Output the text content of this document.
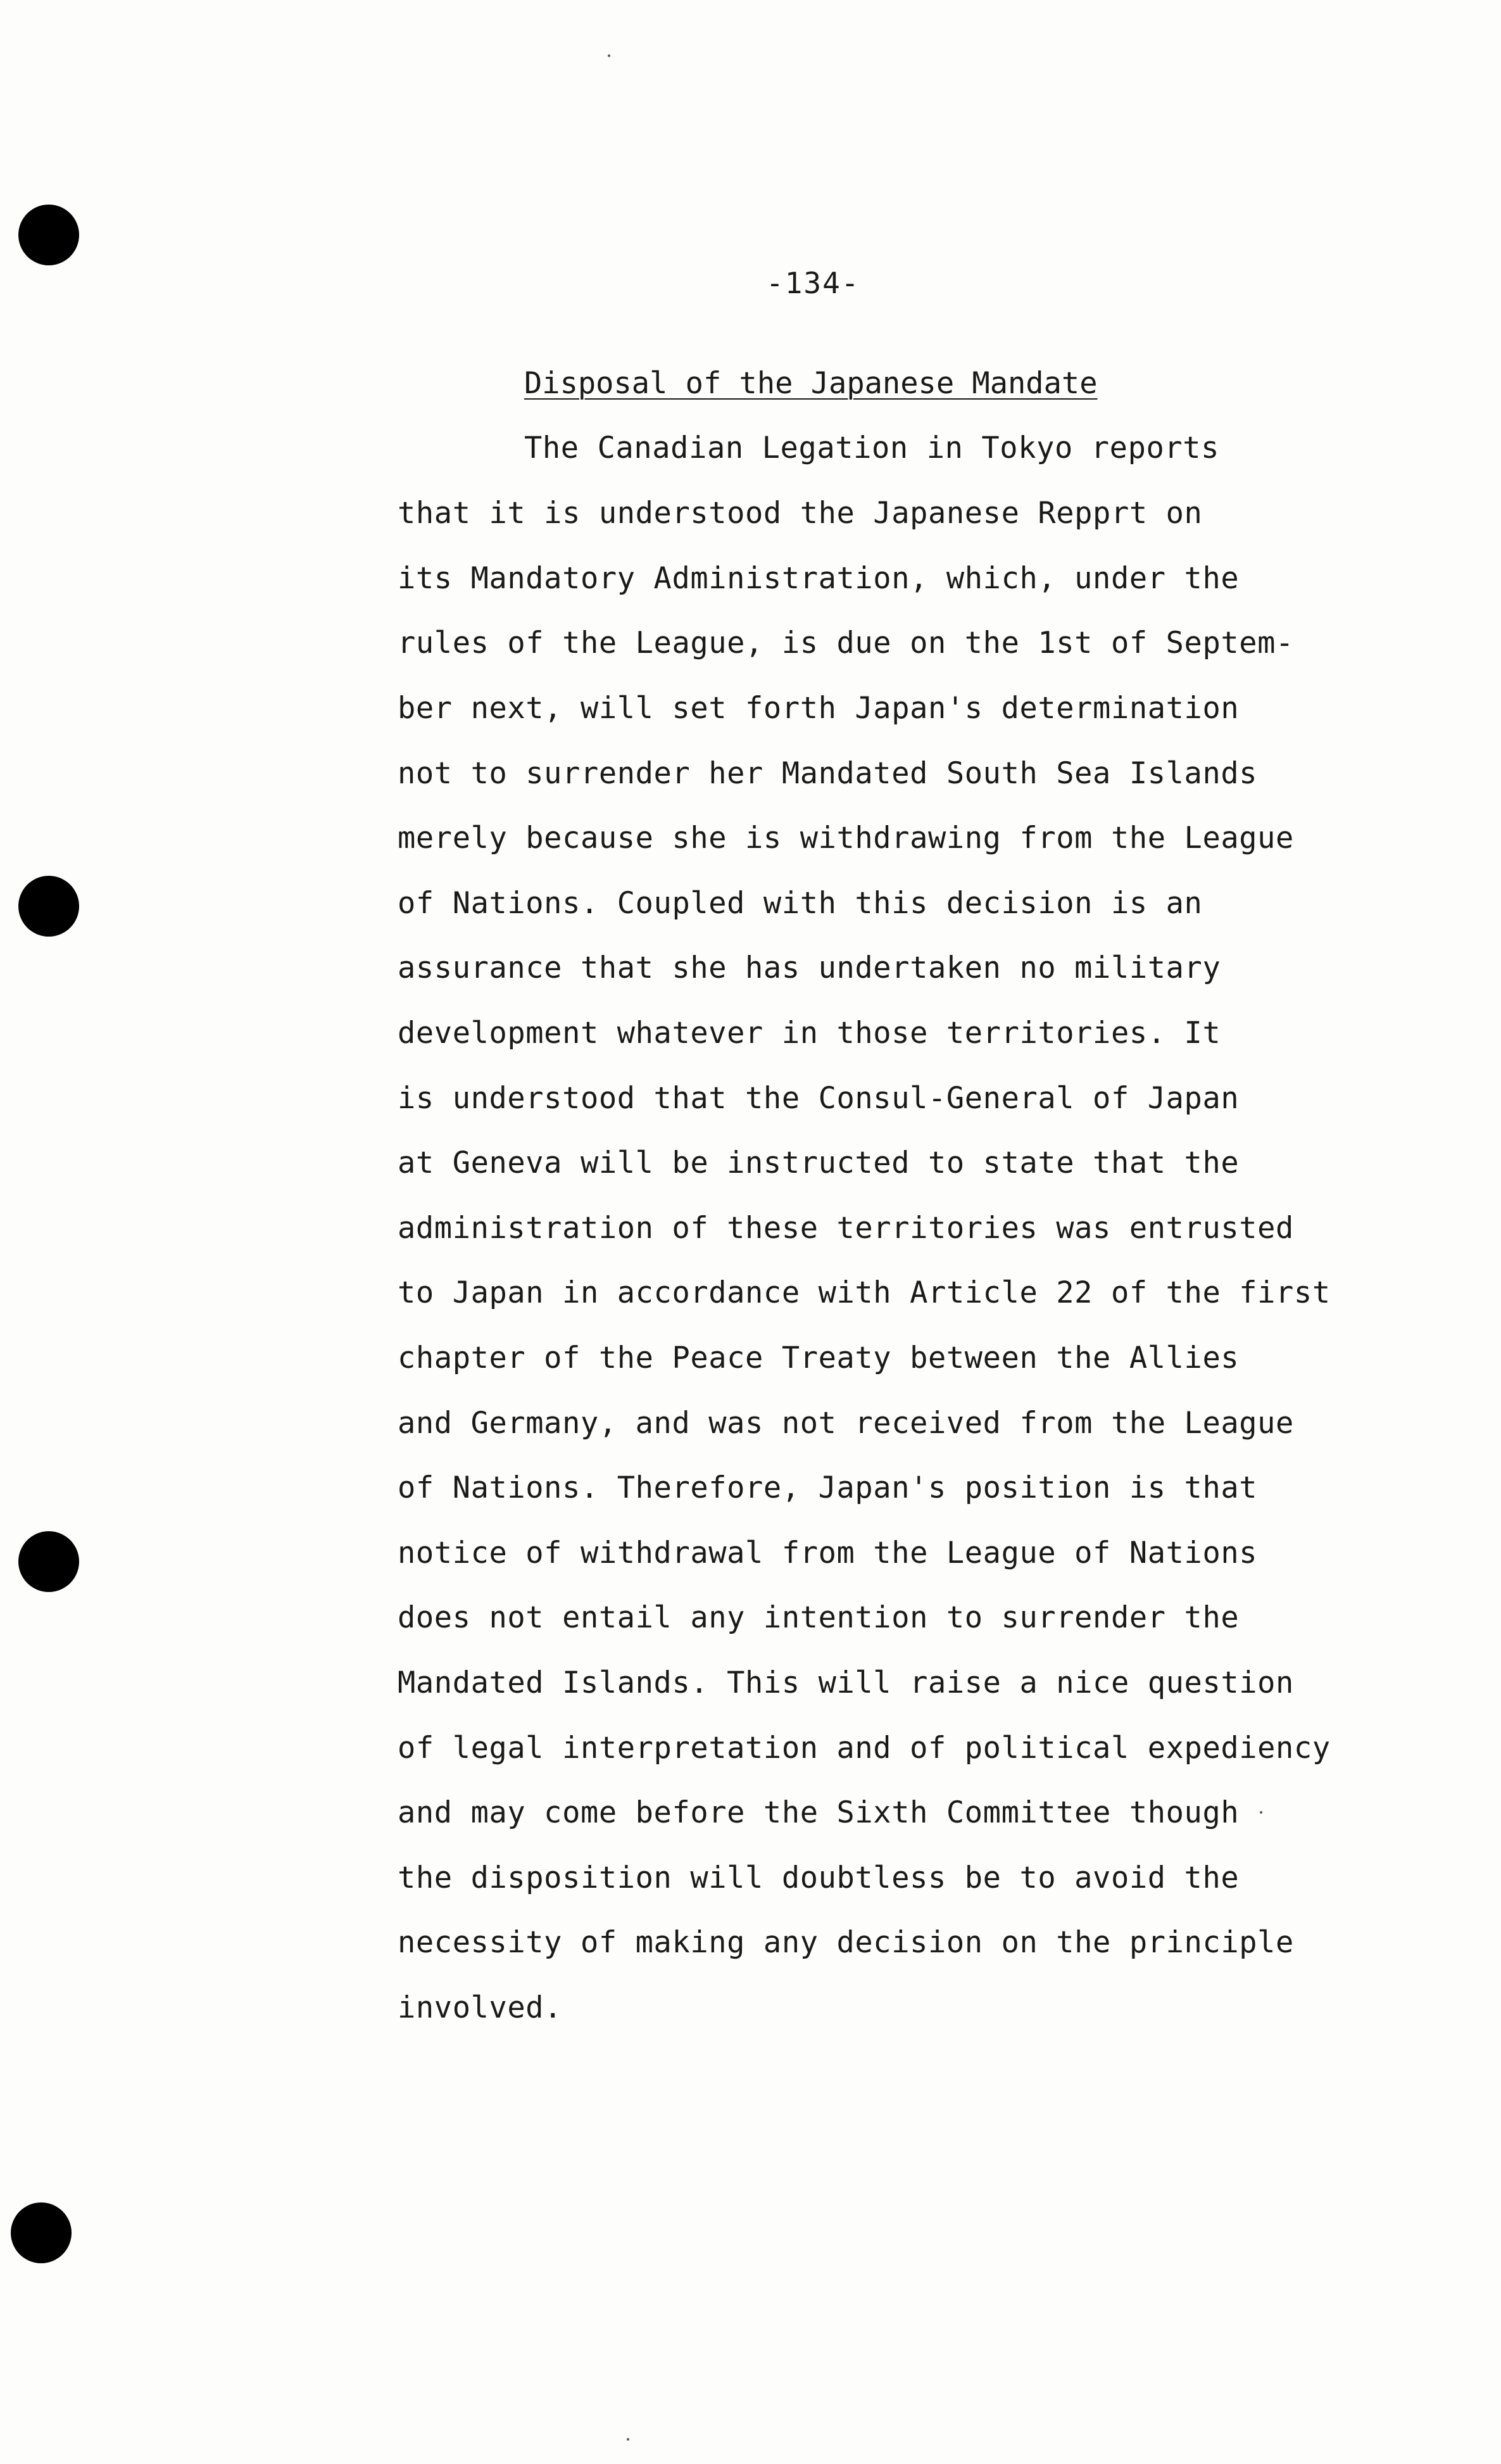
-134-
Disposal of the Japanese Mandate
The Canadian Legation in Tokyo reports
that it is understood the Japanese Repprt on
its Mandatory Administration, which, under the
rules of the League, is due on the 1st of Septem-
ber next, will set forth Japan's determination
not to surrender her Mandated South Sea Islands
merely because she is withdrawing from the League
of Nations. Coupled with this decision is an
assurance that she has undertaken no military
development whatever in those territories. It
is understood that the Consul-General of Japan
at Geneva will be instructed to state that the
administration of these territories was entrusted
to Japan in accordance with Article 22 of the first
chapter of the Peace Treaty between the Allies
and Germany, and was not received from the League
of Nations. Therefore, Japan's position is that
notice of withdrawal from the League of Nations
does not entail any intention to surrender the
Mandated Islands. This will raise a nice question
of legal interpretation and of political expediency
and may come before the Sixth Committee though
the disposition will doubtless be to avoid the
necessity of making any decision on the principle
involved.
